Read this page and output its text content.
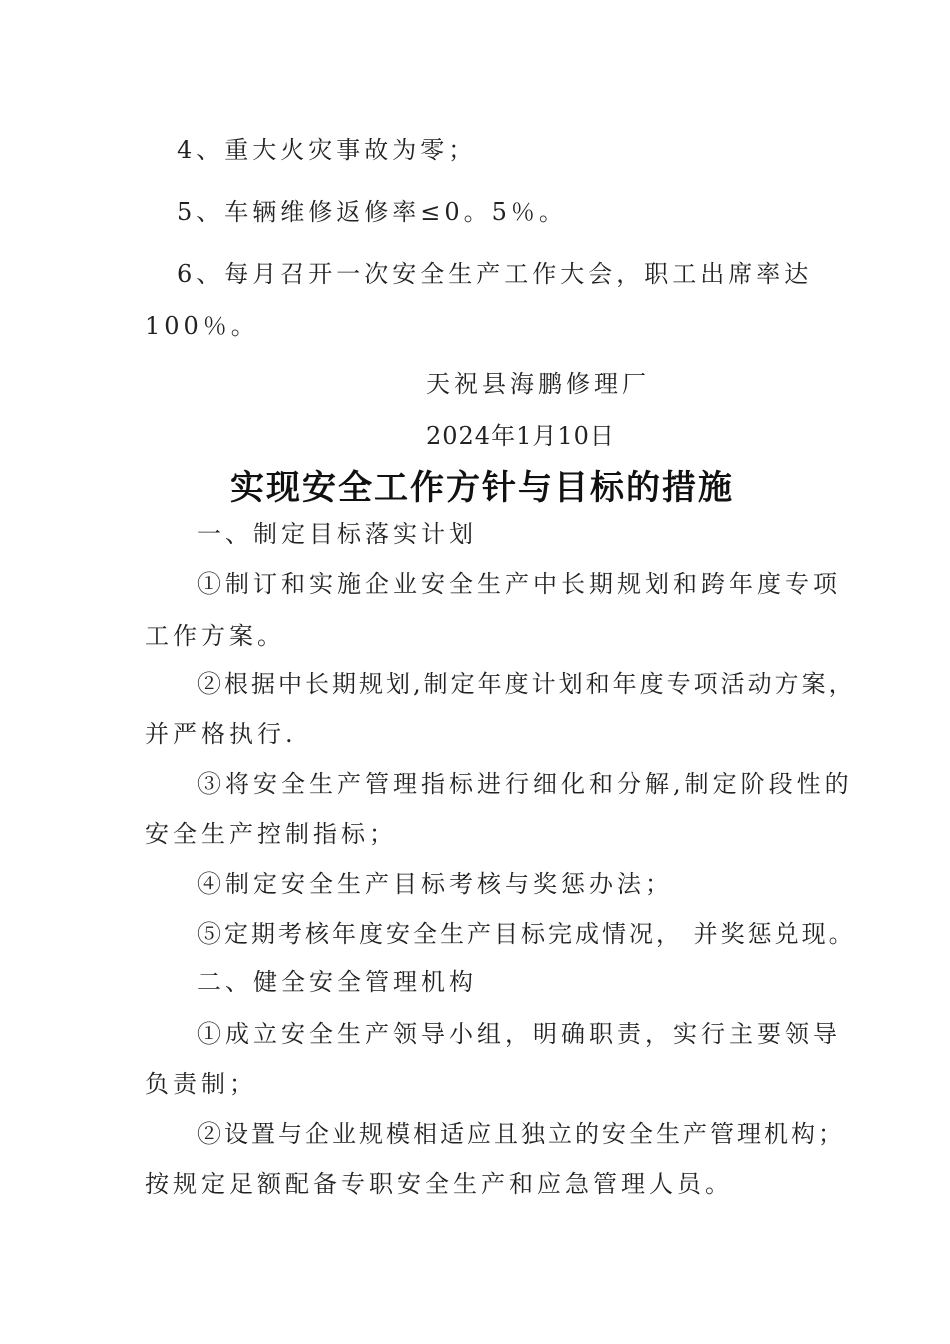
4、重大火灾事故为零；

5、车辆维修返修率≤0。5％。

6、每月召开一次安全生产工作大会，职工出席率达

100％。

天祝县海鹏修理厂

2024年1月10日

实现安全工作方针与目标的措施

一、制定目标落实计划

①制订和实施企业安全生产中长期规划和跨年度专项

工作方案。

②根据中长期规划,制定年度计划和年度专项活动方案，

并严格执行.

③将安全生产管理指标进行细化和分解,制定阶段性的

安全生产控制指标；

④制定安全生产目标考核与奖惩办法；

⑤定期考核年度安全生产目标完成情况， 并奖惩兑现。

二、健全安全管理机构

①成立安全生产领导小组，明确职责，实行主要领导

负责制；

②设置与企业规模相适应且独立的安全生产管理机构；

按规定足额配备专职安全生产和应急管理人员。
